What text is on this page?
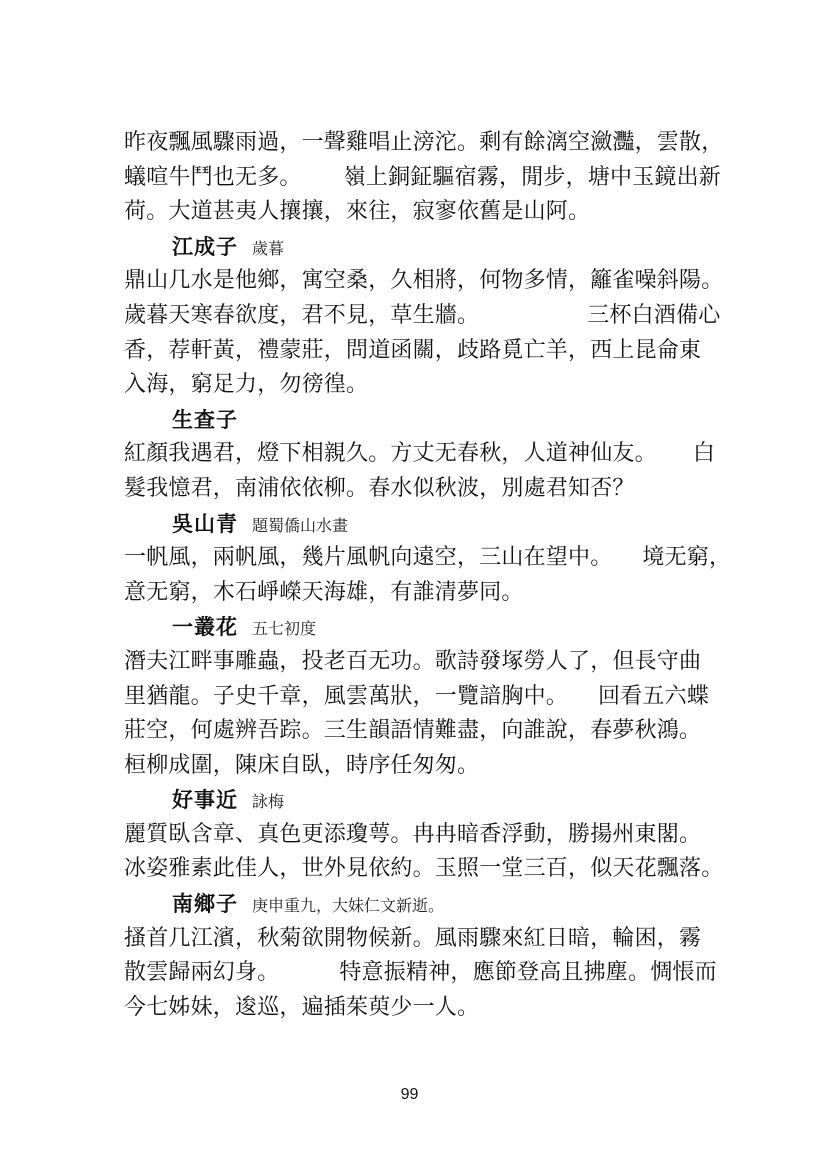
昨夜飄風驟雨過，一聲雞唱止滂沱。剩有餘漓空瀲灩，雲散，
蟻喧牛鬥也无多。 嶺上銅鉦驅宿霧，閒步，塘中玉鏡出新
荷。大道甚夷人攘攘，來往，寂寥依舊是山阿。
江成子 歲暮
鼎山几水是他鄉，寓空桑，久相將，何物多情，籬雀噪斜陽。
歲暮天寒春欲度，君不見，草生牆。	三杯白酒備心
香，荐軒黃，禮蒙莊，問道函關，歧路覓亡羊，西上昆侖東
入海，窮足力，勿徬徨。
生查子
紅顏我遇君，燈下相親久。方丈无春秋，人道神仙友。 白
髮我憶君，南浦依依柳。春水似秋波，別處君知否？
吳山青 題蜀僑山水畫
一帆風，兩帆風，幾片風帆向遠空，三山在望中。 境无窮，
意无窮，木石崢嶸天海雄，有誰清夢同。
一叢花 五七初度
潛夫江畔事雕蟲，投老百无功。歌詩發塚勞人了，但長守曲
里猶龍。子史千章，風雲萬狀，一覽諳胸中。 回看五六蝶
莊空，何處辨吾踪。三生韻語情難盡，向誰說，春夢秋鴻。
桓柳成圍，陳床自臥，時序任匆匆。
好事近 詠梅
麗質臥含章、真色更添瓊萼。冉冉暗香浮動，勝揚州東閣。
冰姿雅素此佳人，世外見依約。玉照一堂三百，似天花飄落。
南鄉子 庚申重九，大妹仁文新逝。
搔首几江濱，秋菊欲開物候新。風雨驟來紅日暗，輪困，霧
散雲歸兩幻身。	特意振精神，應節登高且拂塵。惆悵而
今七姊妹，逡巡，遍插茱萸少一人。
99
